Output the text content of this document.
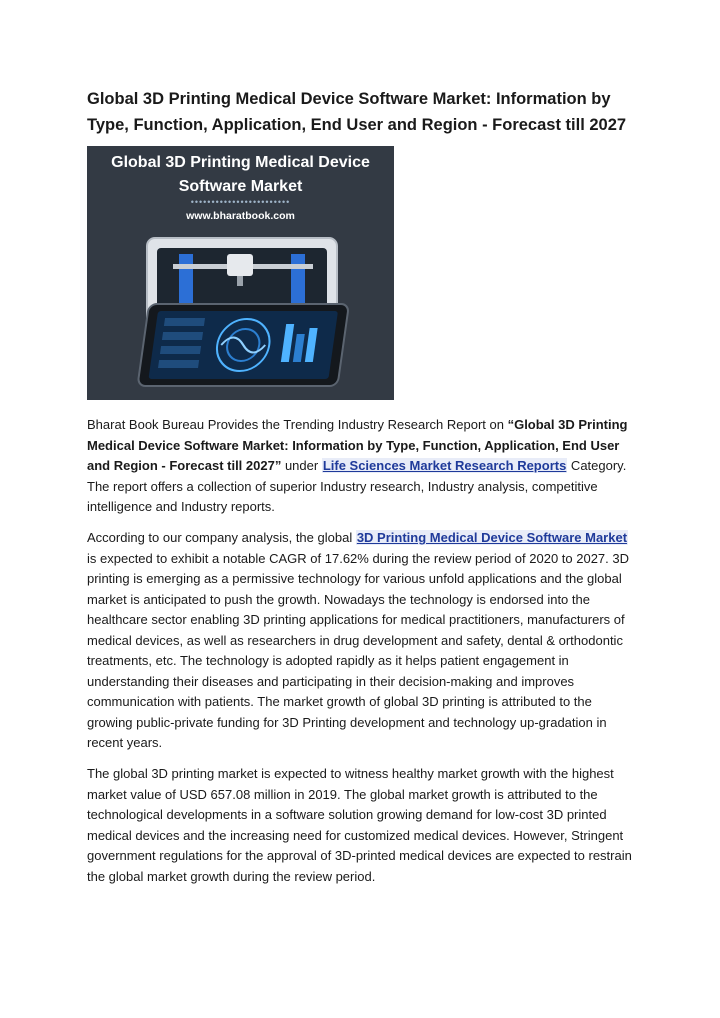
Global 3D Printing Medical Device Software Market: Information by Type, Function, Application, End User and Region - Forecast till 2027
Global 3D Printing Medical Device Software Market
••••••••••••••••••••••••
www.bharatbook.com
Bharat Book Bureau Provides the Trending Industry Research Report on “Global 3D Printing Medical Device Software Market: Information by Type, Function, Application, End User and Region - Forecast till 2027” under Life Sciences Market Research Reports Category. The report offers a collection of superior Industry research, Industry analysis, competitive intelligence and Industry reports.
According to our company analysis, the global 3D Printing Medical Device Software Market is expected to exhibit a notable CAGR of 17.62% during the review period of 2020 to 2027. 3D printing is emerging as a permissive technology for various unfold applications and the global market is anticipated to push the growth. Nowadays the technology is endorsed into the healthcare sector enabling 3D printing applications for medical practitioners, manufacturers of medical devices, as well as researchers in drug development and safety, dental & orthodontic treatments, etc. The technology is adopted rapidly as it helps patient engagement in understanding their diseases and participating in their decision-making and improves communication with patients. The market growth of global 3D printing is attributed to the growing public-private funding for 3D Printing development and technology up-gradation in recent years.
The global 3D printing market is expected to witness healthy market growth with the highest market value of USD 657.08 million in 2019. The global market growth is attributed to the technological developments in a software solution growing demand for low-cost 3D printed medical devices and the increasing need for customized medical devices. However, Stringent government regulations for the approval of 3D-printed medical devices are expected to restrain the global market growth during the review period.
